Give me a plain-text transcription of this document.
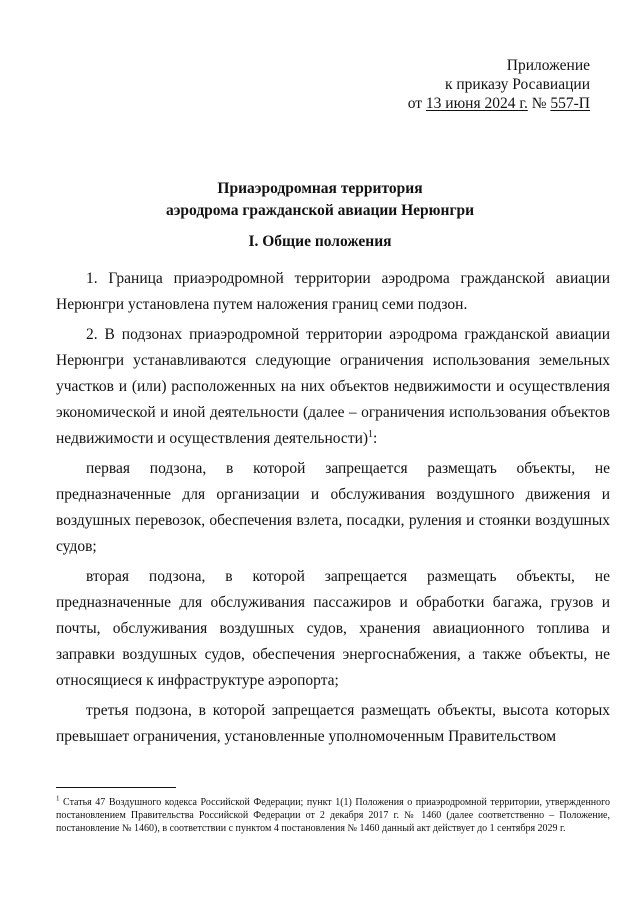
Приложение
к приказу Росавиации
от 13 июня 2024 г. № 557-П
Приаэродромная территория
аэродрома гражданской авиации Нерюнгри
I. Общие положения

1. Граница приаэродромной территории аэродрома гражданской авиации Нерюнгри установлена путем наложения границ семи подзон.

2. В подзонах приаэродромной территории аэродрома гражданской авиации Нерюнгри устанавливаются следующие ограничения использования земельных участков и (или) расположенных на них объектов недвижимости и осуществления экономической и иной деятельности (далее – ограничения использования объектов недвижимости и осуществления деятельности)$^1$:

первая подзона, в которой запрещается размещать объекты, не предназначенные для организации и обслуживания воздушного движения и воздушных перевозок, обеспечения взлета, посадки, руления и стоянки воздушных судов;

вторая подзона, в которой запрещается размещать объекты, не предназначенные для обслуживания пассажиров и обработки багажа, грузов и почты, обслуживания воздушных судов, хранения авиационного топлива и заправки воздушных судов, обеспечения энергоснабжения, а также объекты, не относящиеся к инфраструктуре аэропорта;

третья подзона, в которой запрещается размещать объекты, высота которых превышает ограничения, установленные уполномоченным Правительством

$^1$ Статья 47 Воздушного кодекса Российской Федерации; пункт 1(1) Положения о приаэродромной территории, утвержденного постановлением Правительства Российской Федерации от 2 декабря 2017 г. № 1460 (далее соответственно – Положение, постановление № 1460), в соответствии с пунктом 4 постановления № 1460 данный акт действует до 1 сентября 2029 г.
